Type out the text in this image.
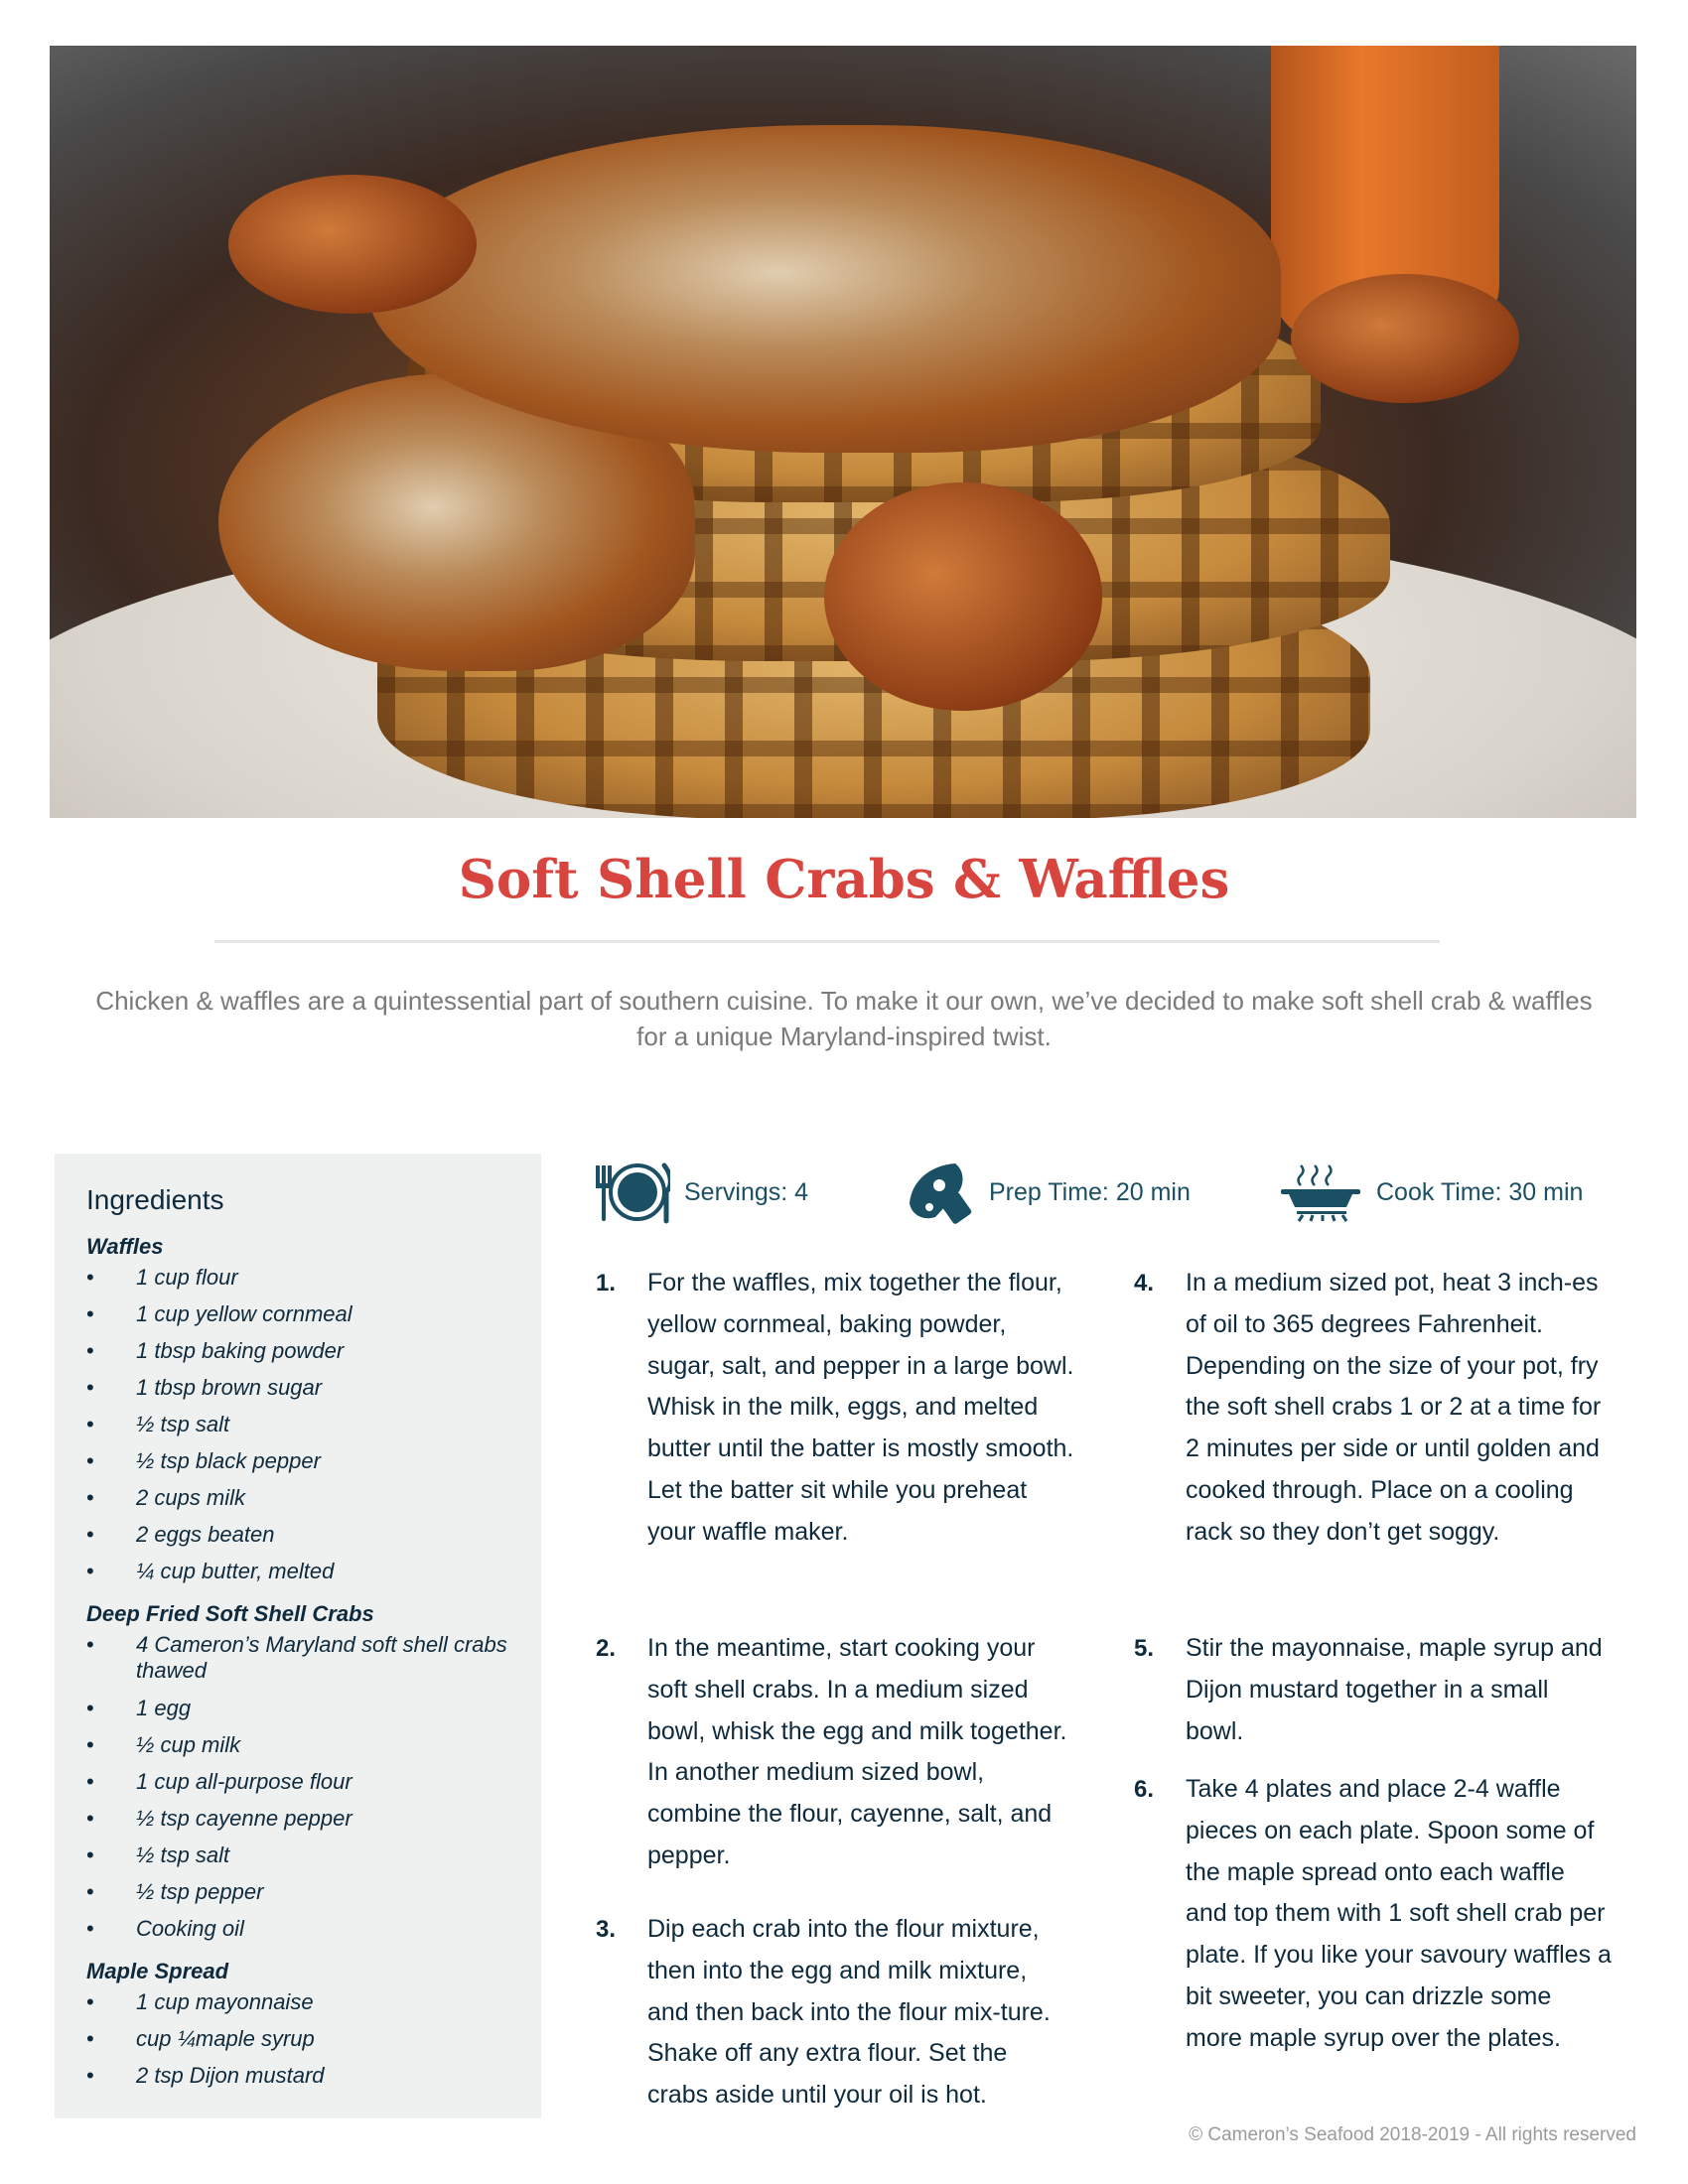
Soft Shell Crabs & Waffles
Chicken & waffles are a quintessential part of southern cuisine. To make it our own, we’ve decided to make soft shell crab & waffles for a unique Maryland-inspired twist.
Ingredients
Waffles
• 1 cup flour
• 1 cup yellow cornmeal
• 1 tbsp baking powder
• 1 tbsp brown sugar
• ½ tsp salt
• ½ tsp black pepper
• 2 cups milk
• 2 eggs beaten
• ¼ cup butter, melted
Deep Fried Soft Shell Crabs
• 4 Cameron’s Maryland soft shell crabs thawed
• 1 egg
• ½ cup milk
• 1 cup all-purpose flour
• ½ tsp cayenne pepper
• ½ tsp salt
• ½ tsp pepper
• Cooking oil
Maple Spread
• 1 cup mayonnaise
• cup ¼maple syrup
• 2 tsp Dijon mustard
Servings: 4	Prep Time: 20 min	Cook Time: 30 min
1. For the waffles, mix together the flour, yellow cornmeal, baking powder, sugar, salt, and pepper in a large bowl. Whisk in the milk, eggs, and melted butter until the batter is mostly smooth. Let the batter sit while you preheat your waffle maker.
2. In the meantime, start cooking your soft shell crabs. In a medium sized bowl, whisk the egg and milk together. In another medium sized bowl, combine the flour, cayenne, salt, and pepper.
3. Dip each crab into the flour mixture, then into the egg and milk mixture, and then back into the flour mix-ture. Shake off any extra flour. Set the crabs aside until your oil is hot.
4. In a medium sized pot, heat 3 inch-es of oil to 365 degrees Fahrenheit. Depending on the size of your pot, fry the soft shell crabs 1 or 2 at a time for 2 minutes per side or until golden and cooked through. Place on a cooling rack so they don’t get soggy.
5. Stir the mayonnaise, maple syrup and Dijon mustard together in a small bowl.
6. Take 4 plates and place 2-4 waffle pieces on each plate. Spoon some of the maple spread onto each waffle and top them with 1 soft shell crab per plate. If you like your savoury waffles a bit sweeter, you can drizzle some more maple syrup over the plates.
© Cameron’s Seafood 2018-2019 - All rights reserved
